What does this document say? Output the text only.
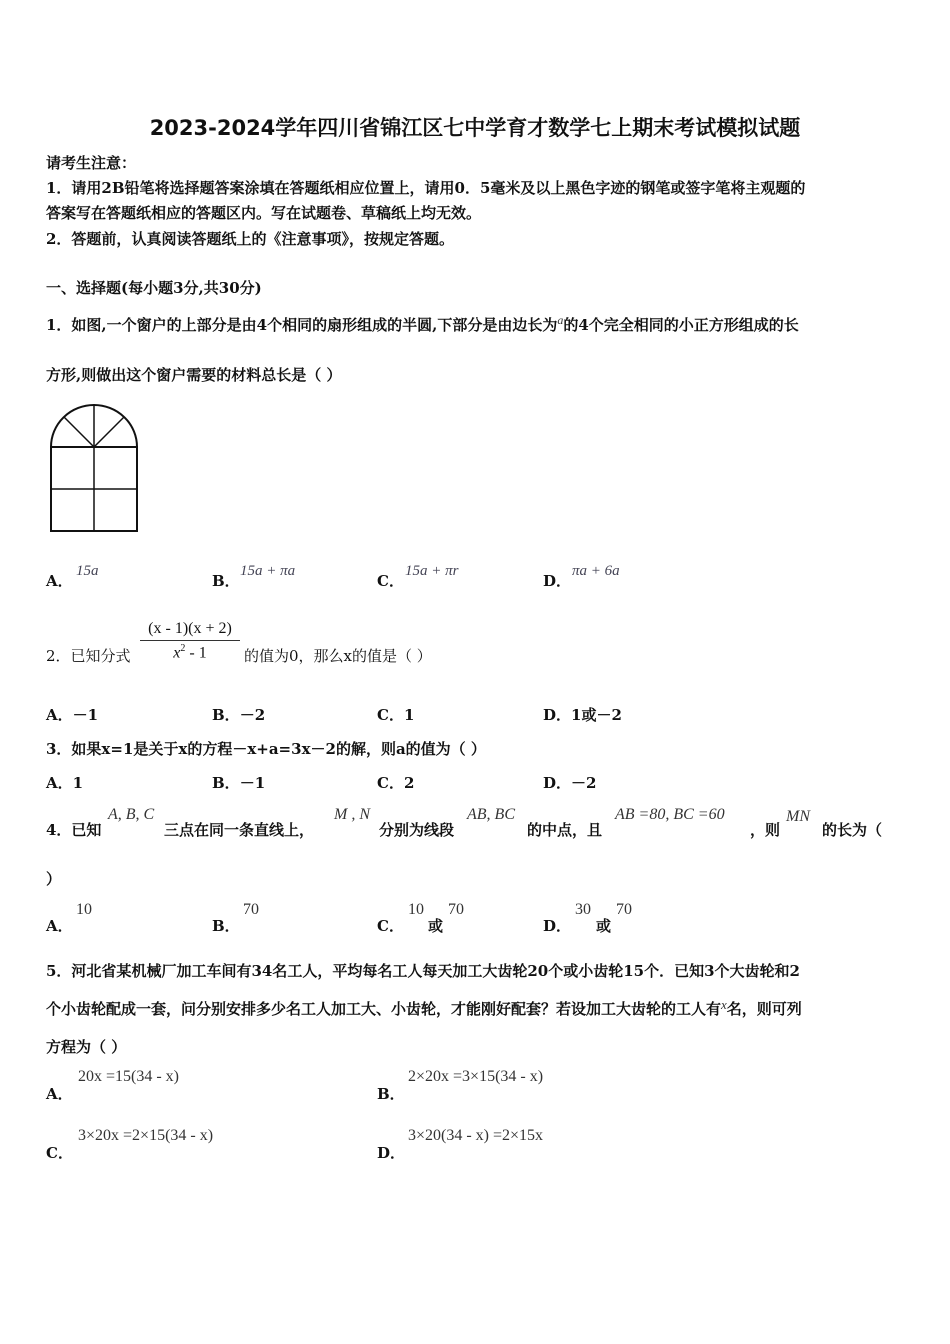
2023-2024学年四川省锦江区七中学育才数学七上期末考试模拟试题
请考生注意：
1．请用2B铅笔将选择题答案涂填在答题纸相应位置上，请用0．5毫米及以上黑色字迹的钢笔或签字笔将主观题的
答案写在答题纸相应的答题区内。写在试题卷、草稿纸上均无效。
2．答题前，认真阅读答题纸上的《注意事项》，按规定答题。
一、选择题(每小题3分,共30分)
1．如图,一个窗户的上部分是由4个相同的扇形组成的半圆,下部分是由边长为$^a$的4个完全相同的小正方形组成的长
方形,则做出这个窗户需要的材料总长是（ ）
A．
15a
B．
15a + πa
C．
15a + πr
D．
πa + 6a
2．已知分式
(x - 1)(x + 2)
$x^2 - 1$	的值为0，那么x的值是（ ）
A．－1	B．－2	C．1	D．1或－2
3．如果x=1是关于x的方程－x+a=3x－2的解，则a的值为（ ）
A．1	B．－1	C．2	D．－2
4．已知
A, B, C
三点在同一条直线上，
M , N
分别为线段
AB, BC
的中点，且
AB =80, BC =60
，则
MN
的长为（
）
A．
10
B．
70
C．
10
或
70
D．
30
或
70
5．河北省某机械厂加工车间有34名工人，平均每名工人每天加工大齿轮20个或小齿轮15个．已知3个大齿轮和2
个小齿轮配成一套，问分别安排多少名工人加工大、小齿轮，才能刚好配套？若设加工大齿轮的工人有x名，则可列
方程为（ ）
A．
20x =15(34 - x)
B．
2×20x =3×15(34 - x)
C．
3×20x =2×15(34 - x)
D．
3×20(34 - x) =2×15x
